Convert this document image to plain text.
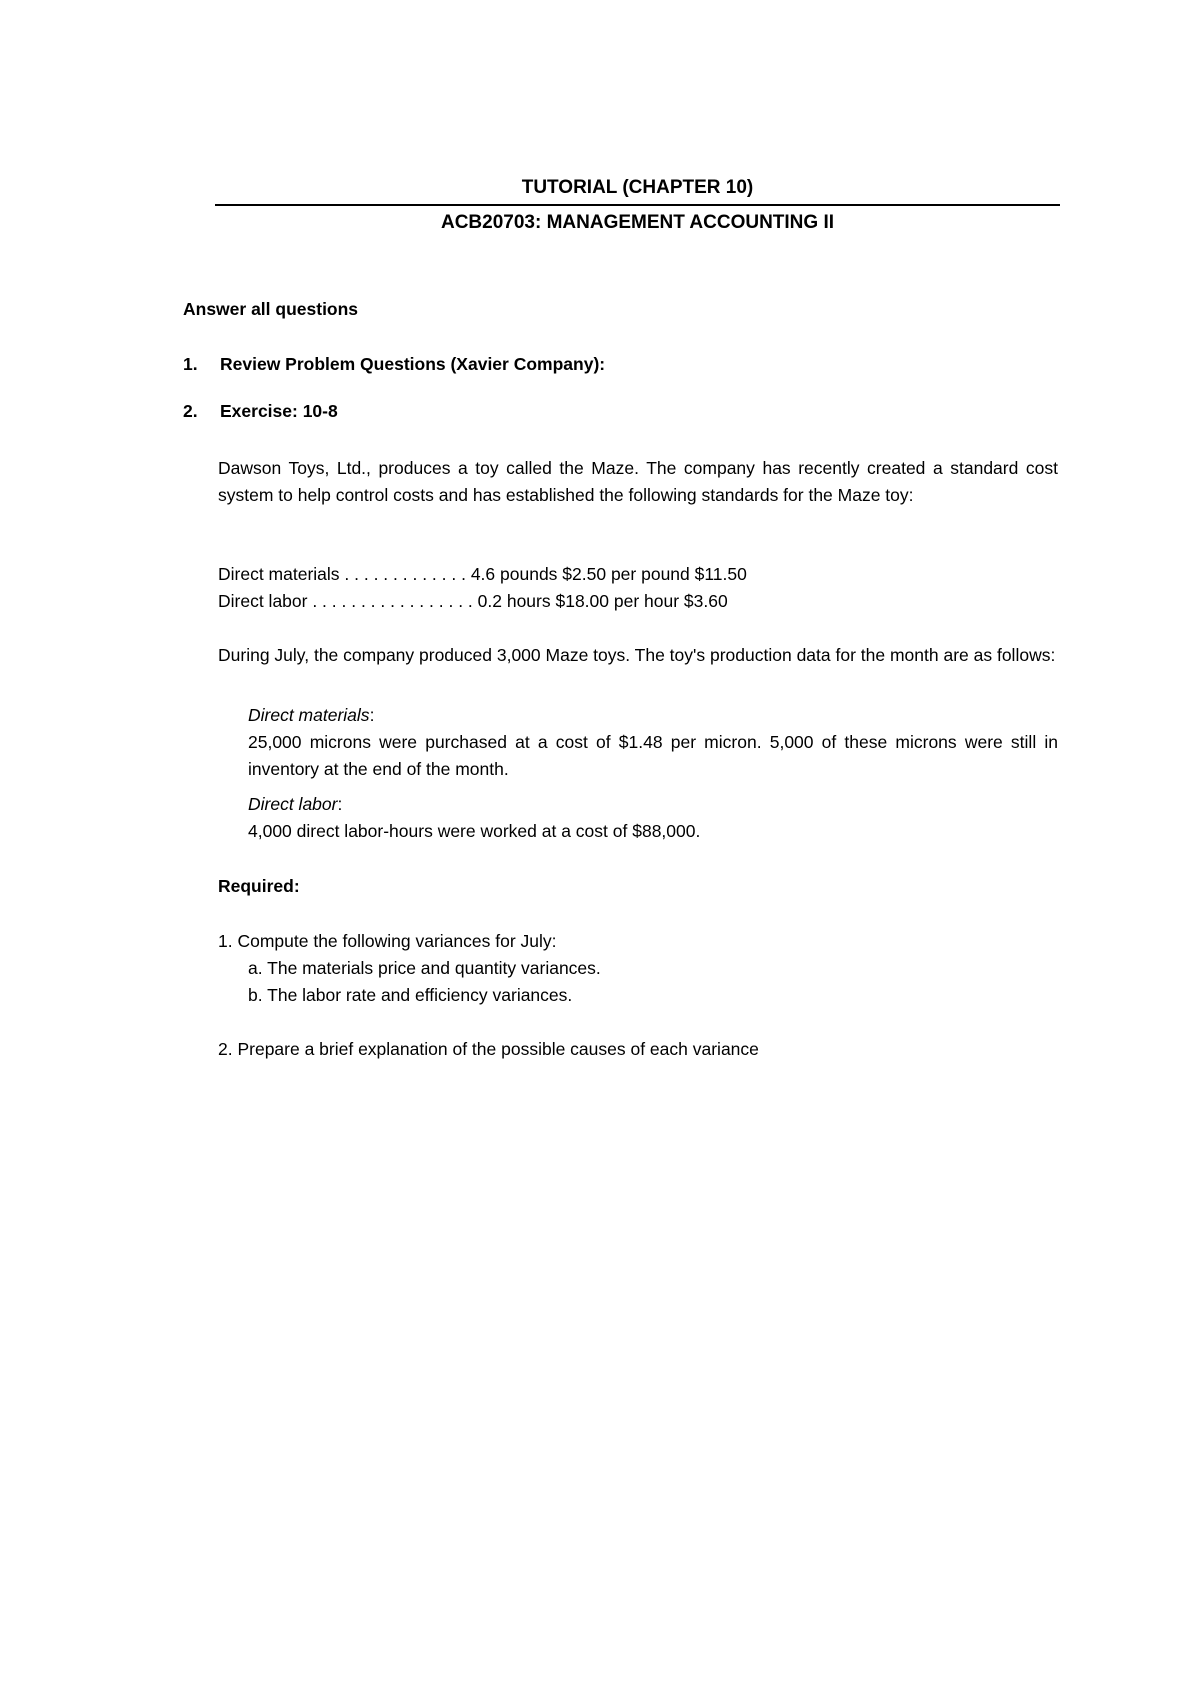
TUTORIAL (CHAPTER 10)
ACB20703: MANAGEMENT ACCOUNTING II
Answer all questions
1. Review Problem Questions (Xavier Company):
2. Exercise: 10-8
Dawson Toys, Ltd., produces a toy called the Maze. The company has recently created a standard cost system to help control costs and has established the following standards for the Maze toy:
Direct materials . . . . . . . . . . . . . 4.6 pounds $2.50 per pound $11.50
Direct labor . . . . . . . . . . . . . . . . . 0.2 hours $18.00 per hour $3.60
During July, the company produced 3,000 Maze toys. The toy's production data for the month are as follows:
Direct materials:
25,000 microns were purchased at a cost of $1.48 per micron. 5,000 of these microns were still in inventory at the end of the month.
Direct labor:
4,000 direct labor-hours were worked at a cost of $88,000.
Required:
1. Compute the following variances for July:
a. The materials price and quantity variances.
b. The labor rate and efficiency variances.
2. Prepare a brief explanation of the possible causes of each variance
